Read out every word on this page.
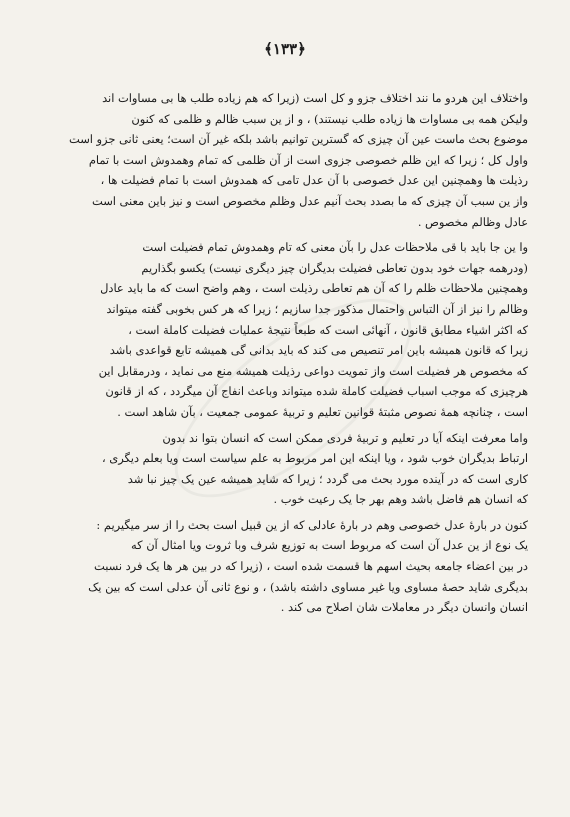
﴿١٣٣﴾

واختلاف این هردو ما نند اختلاف جزو و کل است (زیرا که هم زیاده طلب ها بی مساوات اند
ولیکن همه بی مساوات ها زیاده طلب نیستند) ، و از ین سبب ظالم و ظلمی که کنون
موضوع بحث ماست عین آن چیزی که گسترین توانیم باشد بلکه غیر آن است؛ یعنی ثانی جزو است
واول کل ؛ زیرا که این ظلم خصوصی جزوی است از آن ظلمی که تمام وهمدوش است با تمام
رذیلت ها وهمچنین این عدل خصوصی با آن عدل تامی که همدوش است با تمام فضیلت ها ،
واز ین سبب آن چیزی که ما بصدد بحث آنیم عدل وظلم مخصوص است و نیز باین معنی است
عادل وظالم مخصوص .

وا ین جا باید با قی ملاحظات عدل را بآن معنی که تام وهمدوش تمام فضیلت است
(ودرهمه جهات خود بدون تعاطی فضیلت بدیگران چیز دیگری نیست) یکسو بگذاریم
وهمچنین ملاحظات ظلم را که آن هم تعاطی رذیلت است ، وهم واضح است که ما باید عادل
وظالم را نیز از آن التباس واحتمال مذکور جدا سازیم ؛ زیرا که هر کس بخوبی گفته میتواند
که اکثر اشیاء مطابق قانون ، آنهائی است که طبعاً نتیجهٔ عملیات فضیلت کاملة است ،
زیرا که قانون همیشه باین امر تنصیص می کند که باید بدانی گی همیشه تابع قواعدی باشد
که مخصوص هر فضیلت است واز تمویت دواعی رذیلت همیشه منع می نماید ، ودرمقابل این
هرچیزی که موجب اسباب فضیلت کاملة شده میتواند وباعث انفاج آن میگردد ، که از قانون
است ، چنانچه همهٔ نصوص مثبتهٔ قوانین تعلیم و تربیهٔ عمومی جمعیت ، بآن شاهد است .

واما معرفت اینکه آیا در تعلیم و تربیهٔ فردی ممکن است که انسان بتوا ند بدون
ارتباط بدیگران خوب شود ، ویا اینکه این امر مربوط به علم سیاست است ویا بعلم دیگری ،
کاری است که در آینده مورد بحث می گردد ؛ زیرا که شاید همیشه عین یک چیز نبا شد
که انسان هم فاضل باشد وهم بهر جا یک رعیت خوب .

کنون در بارهٔ عدل خصوصی وهم در بارهٔ عادلی که از ین قبیل است بحث را از سر میگیریم :
یک نوع از ین عدل آن است که مربوط است به توزیع شرف وبا ثروت ویا امثال آن که
در بین اعضاء جامعه بحیث اسهم ها قسمت شده است ، (زیرا که در بین هر ها یک فرد نسبت
بدیگری شاید حصهٔ مساوی ویا غیر مساوی داشته باشد) ، و نوع ثانی آن عدلی است که بین یک
انسان وانسان دیگر در معاملات شان اصلاح می کند .
